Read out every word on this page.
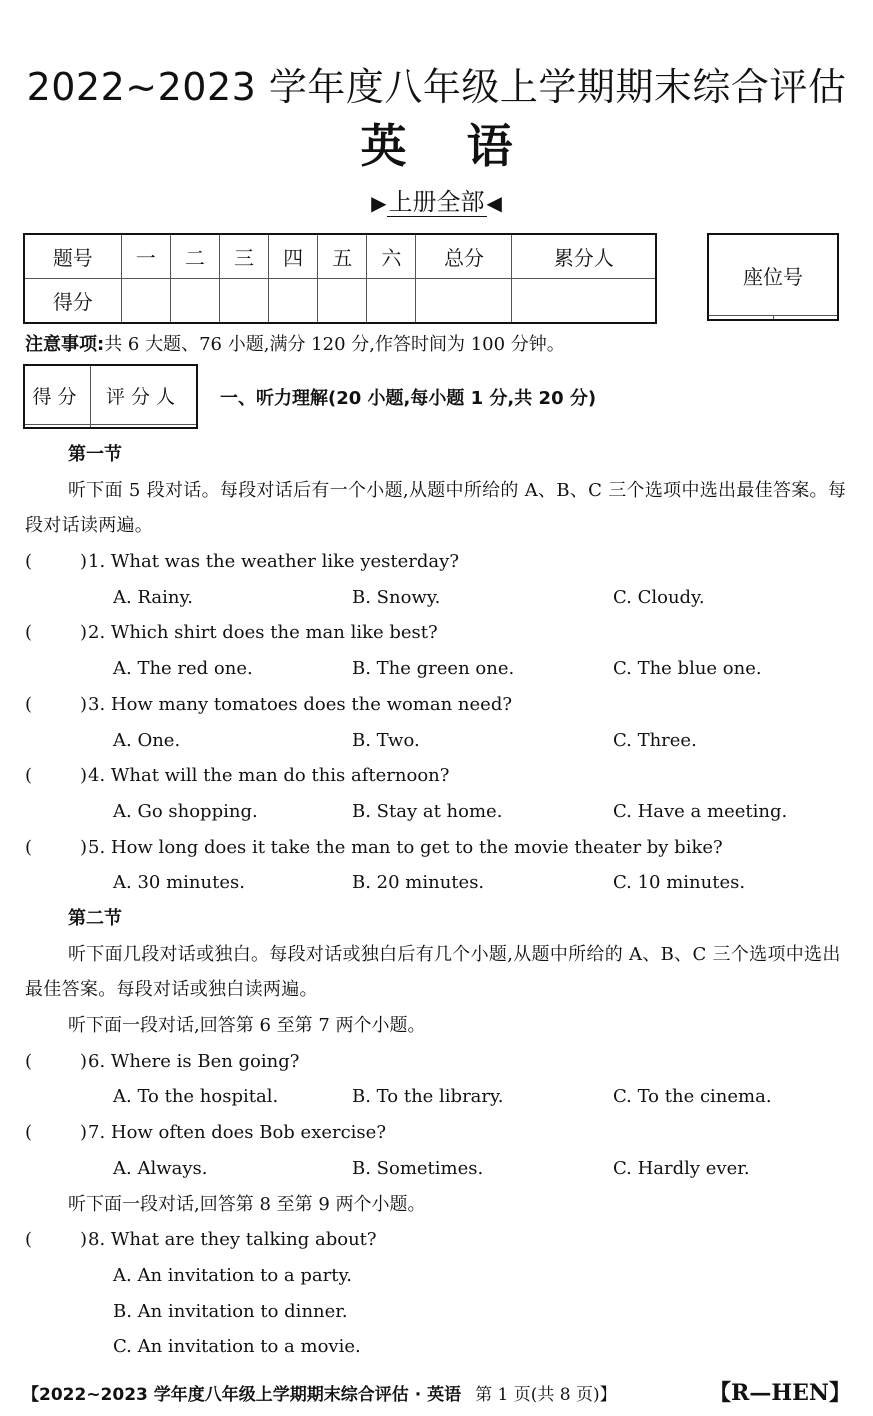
2022~2023 学年度八年级上学期期末综合评估
英语
▶上册全部 ◀
题号	一	二	三	四	五	六	总分	累分人
得分								
座位号

注意事项:共 6 大题、76 小题,满分 120 分,作答时间为 100 分钟。
得分	评分人
	一、听力理解(20 小题,每小题 1 分,共 20 分)
第一节
听下面 5 段对话。每段对话后有一个小题,从题中所给的 A、B、C 三个选项中选出最佳答案。每段对话读两遍。
(	) 1. What was the weather like yesterday?
A. Rainy.	B. Snowy.	C. Cloudy.
(	) 2. Which shirt does the man like best?
A. The red one.	B. The green one.	C. The blue one.
(	) 3. How many tomatoes does the woman need?
A. One.	B. Two.	C. Three.
(	) 4. What will the man do this afternoon?
A. Go shopping.	B. Stay at home.	C. Have a meeting.
(	) 5. How long does it take the man to get to the movie theater by bike?
A. 30 minutes.	B. 20 minutes.	C. 10 minutes.
第二节
听下面几段对话或独白。每段对话或独白后有几个小题,从题中所给的 A、B、C 三个选项中选出最佳答案。每段对话或独白读两遍。
听下面一段对话,回答第 6 至第 7 两个小题。
(	) 6. Where is Ben going?
A. To the hospital.	B. To the library.	C. To the cinema.
(	) 7. How often does Bob exercise?
A. Always.	B. Sometimes.	C. Hardly ever.
听下面一段对话,回答第 8 至第 9 两个小题。
(	) 8. What are they talking about?
A. An invitation to a party.
B. An invitation to dinner.
C. An invitation to a movie.
【2022~2023 学年度八年级上学期期末综合评估 · 英语 第 1 页(共 8 页)】	【R—HEN】
